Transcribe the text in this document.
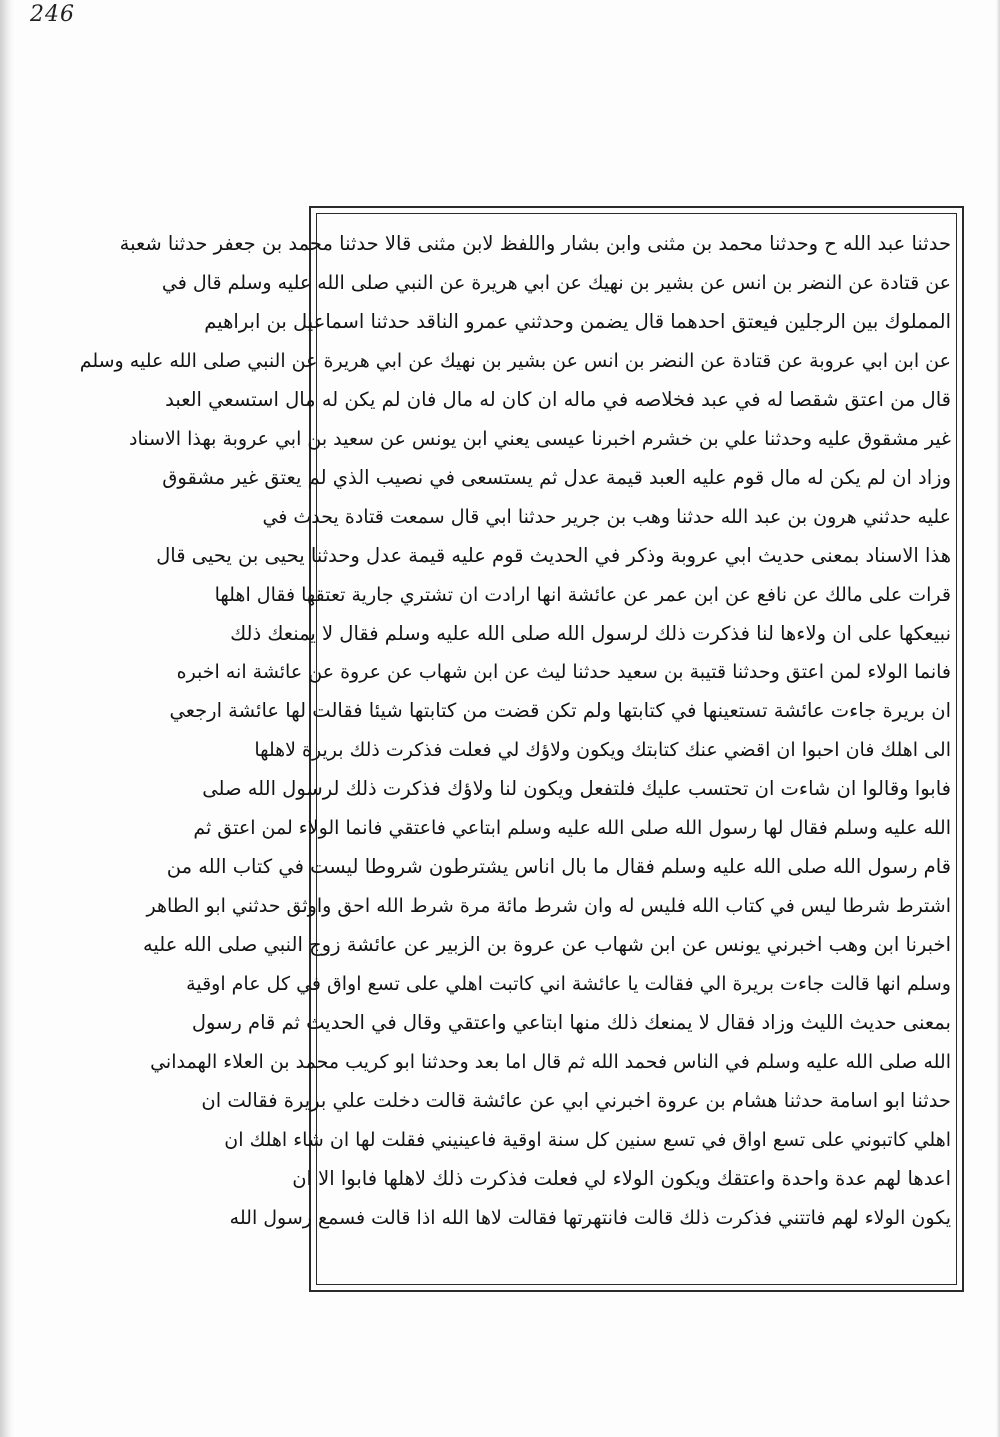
246
حدثنا عبد الله ح وحدثنا محمد بن مثنى وابن بشار واللفظ لابن مثنى قالا حدثنا محمد بن جعفر حدثنا شعبة
عن قتادة عن النضر بن انس عن بشير بن نهيك عن ابي هريرة عن النبي صلى الله عليه وسلم قال في
المملوك بين الرجلين فيعتق احدهما قال يضمن وحدثني عمرو الناقد حدثنا اسماعيل بن ابراهيم
عن ابن ابي عروبة عن قتادة عن النضر بن انس عن بشير بن نهيك عن ابي هريرة عن النبي صلى الله عليه وسلم
قال من اعتق شقصا له في عبد فخلاصه في ماله ان كان له مال فان لم يكن له مال استسعي العبد
غير مشقوق عليه وحدثنا علي بن خشرم اخبرنا عيسى يعني ابن يونس عن سعيد بن ابي عروبة بهذا الاسناد
وزاد ان لم يكن له مال قوم عليه العبد قيمة عدل ثم يستسعى في نصيب الذي لم يعتق غير مشقوق
عليه حدثني هرون بن عبد الله حدثنا وهب بن جرير حدثنا ابي قال سمعت قتادة يحدث في
هذا الاسناد بمعنى حديث ابي عروبة وذكر في الحديث قوم عليه قيمة عدل وحدثنا يحيى بن يحيى قال
قرات على مالك عن نافع عن ابن عمر عن عائشة انها ارادت ان تشتري جارية تعتقها فقال اهلها
نبيعكها على ان ولاءها لنا فذكرت ذلك لرسول الله صلى الله عليه وسلم فقال لا يمنعك ذلك
فانما الولاء لمن اعتق وحدثنا قتيبة بن سعيد حدثنا ليث عن ابن شهاب عن عروة عن عائشة انه اخبره
ان بريرة جاءت عائشة تستعينها في كتابتها ولم تكن قضت من كتابتها شيئا فقالت لها عائشة ارجعي
الى اهلك فان احبوا ان اقضي عنك كتابتك ويكون ولاؤك لي فعلت فذكرت ذلك بريرة لاهلها
فابوا وقالوا ان شاءت ان تحتسب عليك فلتفعل ويكون لنا ولاؤك فذكرت ذلك لرسول الله صلى
الله عليه وسلم فقال لها رسول الله صلى الله عليه وسلم ابتاعي فاعتقي فانما الولاء لمن اعتق ثم
قام رسول الله صلى الله عليه وسلم فقال ما بال اناس يشترطون شروطا ليست في كتاب الله من
اشترط شرطا ليس في كتاب الله فليس له وان شرط مائة مرة شرط الله احق واوثق حدثني ابو الطاهر
اخبرنا ابن وهب اخبرني يونس عن ابن شهاب عن عروة بن الزبير عن عائشة زوج النبي صلى الله عليه
وسلم انها قالت جاءت بريرة الي فقالت يا عائشة اني كاتبت اهلي على تسع اواق في كل عام اوقية
بمعنى حديث الليث وزاد فقال لا يمنعك ذلك منها ابتاعي واعتقي وقال في الحديث ثم قام رسول
الله صلى الله عليه وسلم في الناس فحمد الله ثم قال اما بعد وحدثنا ابو كريب محمد بن العلاء الهمداني
حدثنا ابو اسامة حدثنا هشام بن عروة اخبرني ابي عن عائشة قالت دخلت علي بريرة فقالت ان
اهلي كاتبوني على تسع اواق في تسع سنين كل سنة اوقية فاعينيني فقلت لها ان شاء اهلك ان
اعدها لهم عدة واحدة واعتقك ويكون الولاء لي فعلت فذكرت ذلك لاهلها فابوا الا ان
يكون الولاء لهم فاتتني فذكرت ذلك قالت فانتهرتها فقالت لاها الله اذا قالت فسمع رسول الله
